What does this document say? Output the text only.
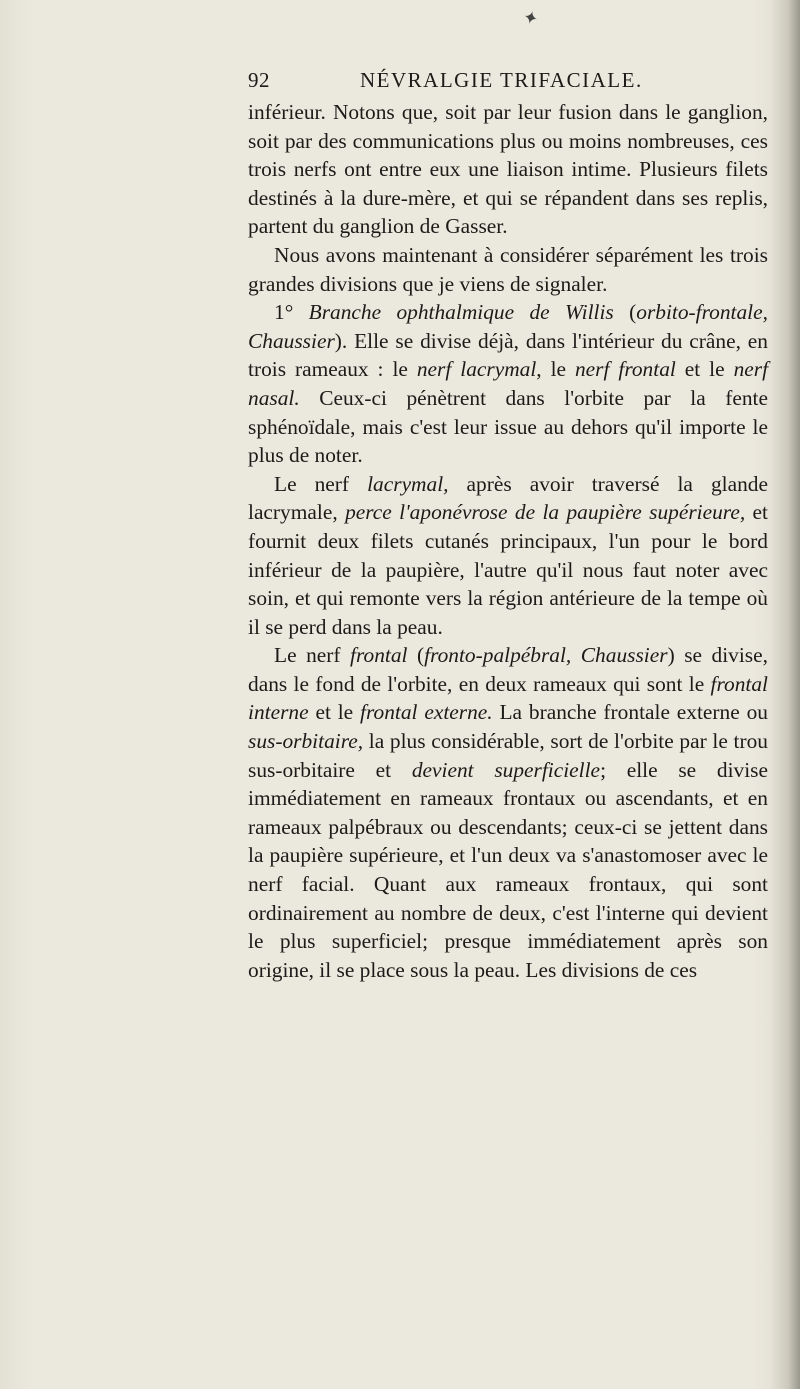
✦
92	NÉVRALGIE TRIFACIALE.

inférieur. Notons que, soit par leur fusion dans le ganglion, soit par des communications plus ou moins nombreuses, ces trois nerfs ont entre eux une liaison intime. Plusieurs filets destinés à la dure-mère, et qui se répandent dans ses replis, partent du ganglion de Gasser.

Nous avons maintenant à considérer séparément les trois grandes divisions que je viens de signaler.

1° Branche ophthalmique de Willis (orbito-frontale, Chaussier). Elle se divise déjà, dans l'intérieur du crâne, en trois rameaux : le nerf lacrymal, le nerf frontal et le nerf nasal. Ceux-ci pénètrent dans l'orbite par la fente sphénoïdale, mais c'est leur issue au dehors qu'il importe le plus de noter.

Le nerf lacrymal, après avoir traversé la glande lacrymale, perce l'aponévrose de la paupière supérieure, et fournit deux filets cutanés principaux, l'un pour le bord inférieur de la paupière, l'autre qu'il nous faut noter avec soin, et qui remonte vers la région antérieure de la tempe où il se perd dans la peau.

Le nerf frontal (fronto-palpébral, Chaussier) se divise, dans le fond de l'orbite, en deux rameaux qui sont le frontal interne et le frontal externe. La branche frontale externe ou sus-orbitaire, la plus considérable, sort de l'orbite par le trou sus-orbitaire et devient superficielle; elle se divise immédiatement en rameaux frontaux ou ascendants, et en rameaux palpébraux ou descendants; ceux-ci se jettent dans la paupière supérieure, et l'un deux va s'anastomoser avec le nerf facial. Quant aux rameaux frontaux, qui sont ordinairement au nombre de deux, c'est l'interne qui devient le plus superficiel; presque immédiatement après son origine, il se place sous la peau. Les divisions de ces
